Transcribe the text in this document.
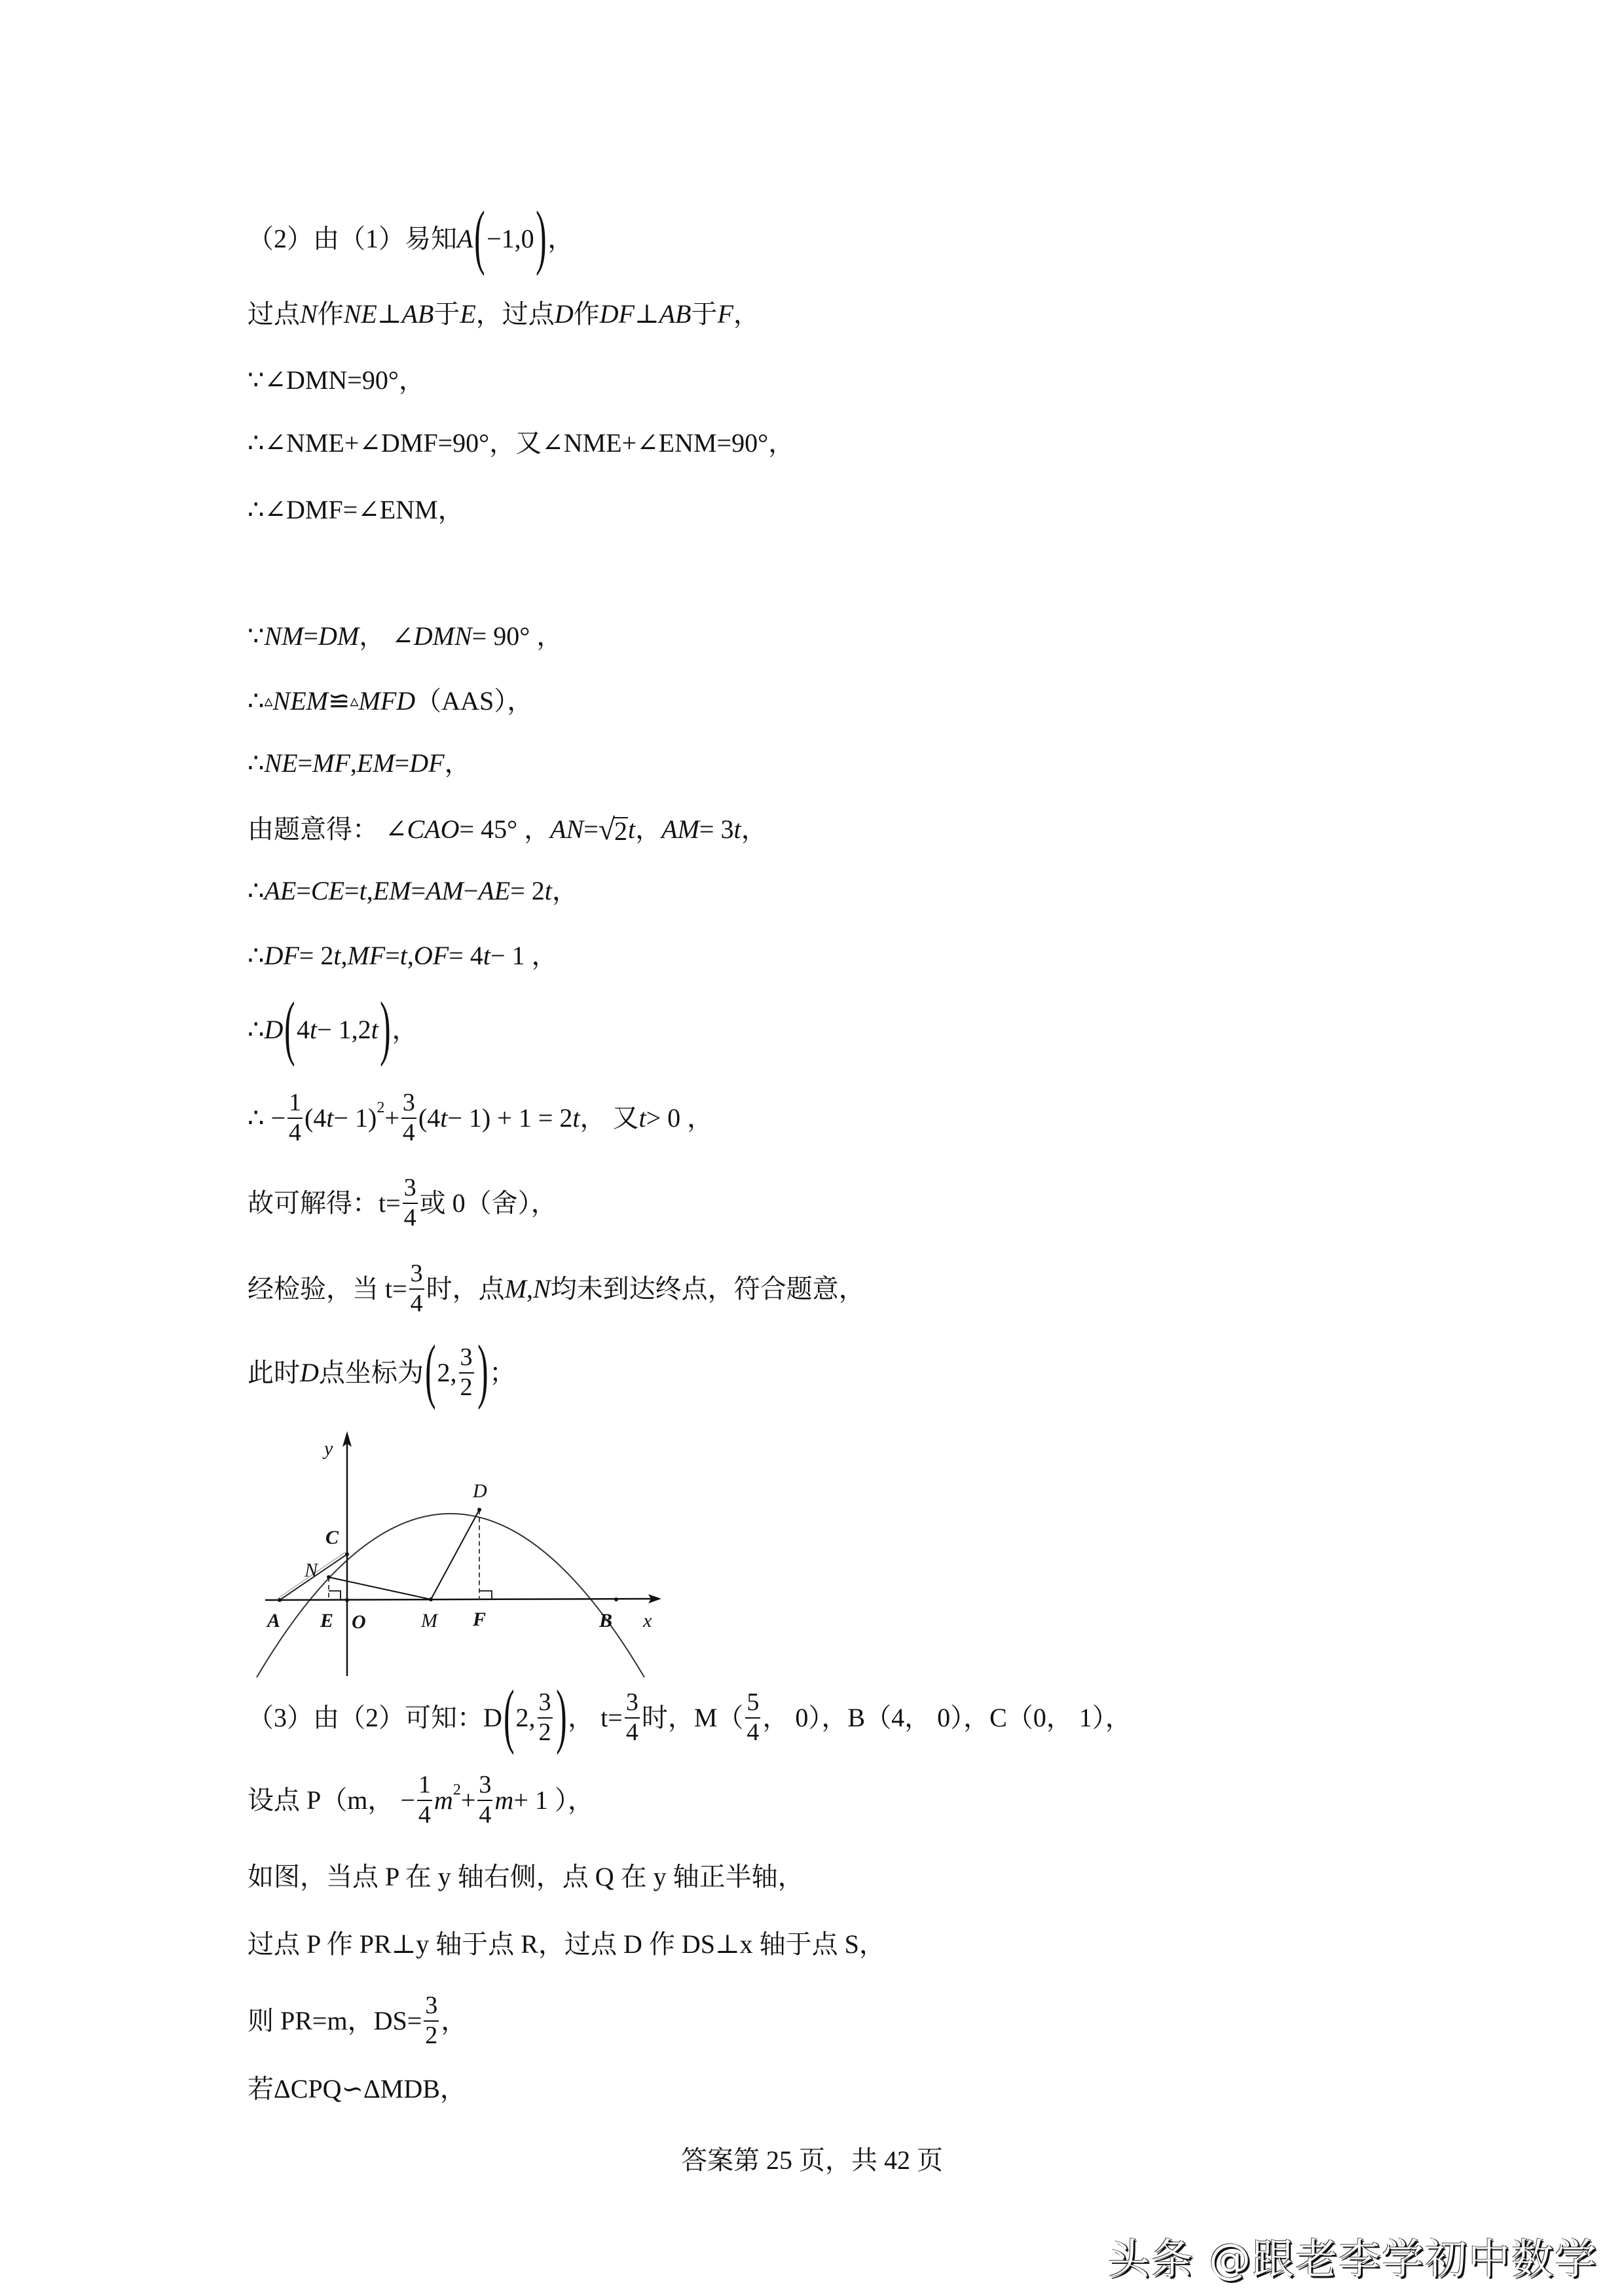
（2）由（1）易知 A ( −1,0 ) ，
过点 N 作 NE ⊥ AB 于 E ，过点 D 作 DF ⊥ AB 于 F ，
∵∠DMN=90°，
∴∠NME+∠DMF=90°，又∠NME+∠ENM=90°，
∴∠DMF=∠ENM，
∵ NM = DM ， ∠ DMN = 90° ，
∴ ▵ NEM ≌ ▵ MFD （AAS），
∴ NE = MF , EM = DF ，
由题意得： ∠ CAO = 45° ， AN = √ 2 t ， AM = 3 t ，
∴ AE = CE = t , EM = AM − AE = 2 t ，
∴ DF = 2 t , MF = t , OF = 4 t − 1 ，
∴ D ( 4 t − 1,2 t ) ，
∴ − $\frac{1}{4} (4$ t − 1) $2 + \frac{3}{4} (4$ t − 1) + 1 = 2 t ， 又 t > 0 ，
故可解得：$t= \frac{3}{4}$ 或 0（舍），
经检验，当 $t= \frac{3}{4}$ 时，点 M , N 均未到达终点，符合题意，
此时 D 点坐标为 ( 2, $\frac{3}{2}$ ) ；
（3）由（2）可知：D ( 2, $\frac{3}{2}$ ) ， $t= \frac{3}{4}$ 时，$M( \frac{5}{4}$ ， 0），B（4， 0），C（0， 1），
设点 P（m， − $\frac{1}{4}$ m $2 + \frac{3}{4}$ m + 1 ），
如图，当点 P 在 y 轴右侧，点 Q 在 y 轴正半轴，
过点 P 作 PR⊥y 轴于点 R，过点 D 作 DS⊥x 轴于点 S，
则 PR=m，$DS= \frac{3}{2}$ ，
若ΔCPQ∽ΔMDB，
y
x
A E O	M F	B
C
N
D
答案第 25 页，共 42 页
头条 @跟老李学初中数学
